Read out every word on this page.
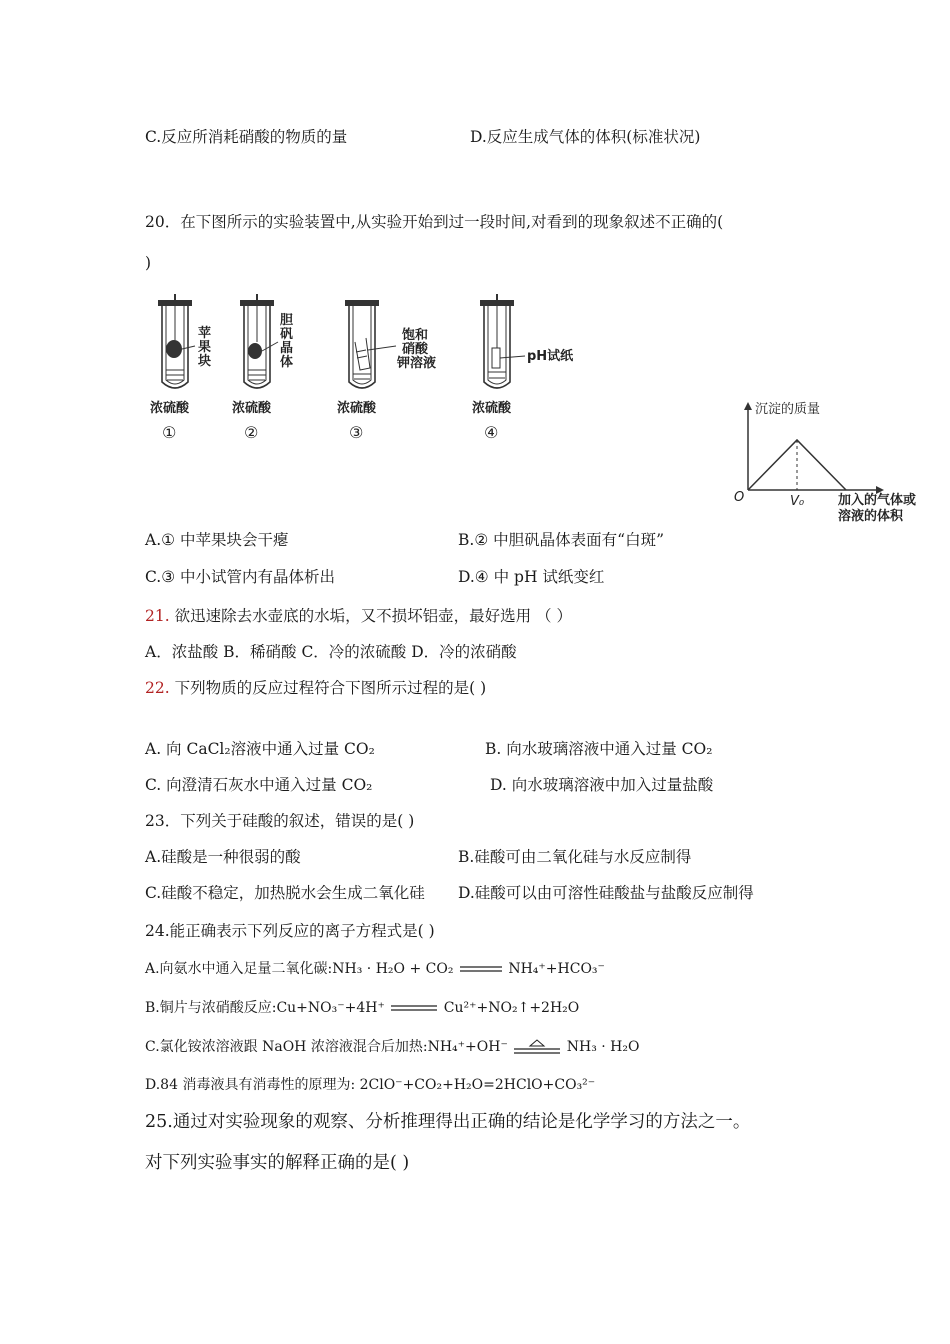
C.反应所消耗硝酸的物质的量	D.反应生成气体的体积(标准状况)
20．在下图所示的实验装置中,从实验开始到过一段时间,对看到的现象叙述不正确的(
)
苹
果
块
浓硫酸
①
胆
矾
晶
体
浓硫酸
②
饱和
硝酸
钾溶液
浓硫酸
③
pH试纸
浓硫酸
④
沉淀的质量
O	V₀	加入的气体或
溶液的体积
A.① 中苹果块会干瘪	B.② 中胆矾晶体表面有“白斑”
C.③ 中小试管内有晶体析出	D.④ 中 pH 试纸变红
21. 欲迅速除去水壶底的水垢，又不损坏铝壶，最好选用 （ ）
A．浓盐酸 B．稀硝酸 C．冷的浓硫酸 D．冷的浓硝酸
22. 下列物质的反应过程符合下图所示过程的是( )
A. 向 CaCl₂溶液中通入过量 CO₂	B. 向水玻璃溶液中通入过量 CO₂
C. 向澄清石灰水中通入过量 CO₂	D. 向水玻璃溶液中加入过量盐酸
23．下列关于硅酸的叙述，错误的是( )
A.硅酸是一种很弱的酸	B.硅酸可由二氧化硅与水反应制得
C.硅酸不稳定，加热脱水会生成二氧化硅 D.硅酸可以由可溶性硅酸盐与盐酸反应制得
24.能正确表示下列反应的离子方程式是( )
A.向氨水中通入足量二氧化碳:NH₃ · H₂O + CO₂	NH₄⁺+HCO₃⁻
B.铜片与浓硝酸反应:Cu+NO₃⁻+4H⁺	Cu²⁺+NO₂↑+2H₂O
C.氯化铵浓溶液跟 NaOH 浓溶液混合后加热:NH₄⁺+OH⁻	NH₃ · H₂O
D.84 消毒液具有消毒性的原理为: 2ClO⁻+CO₂+H₂O=2HClO+CO₃²⁻
25.通过对实验现象的观察、分析推理得出正确的结论是化学学习的方法之一。
对下列实验事实的解释正确的是( )
